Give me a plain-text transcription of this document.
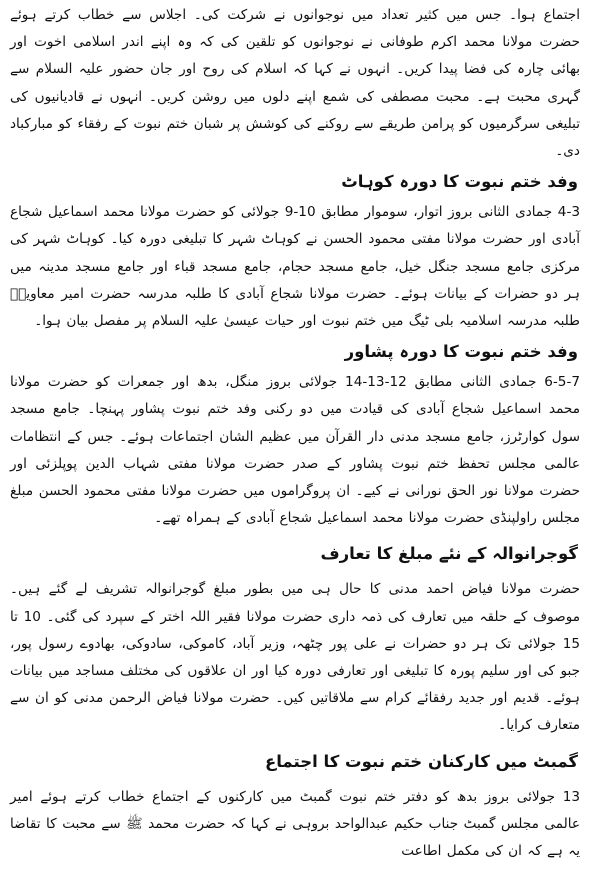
اجتماع ہوا۔ جس میں کثیر تعداد میں نوجوانوں نے شرکت کی۔ اجلاس سے خطاب کرتے ہوئے حضرت مولانا محمد اکرم طوفانی نے نوجوانوں کو تلقین کی کہ وہ اپنے اندر اسلامی اخوت اور بھائی چارہ کی فضا پیدا کریں۔ انہوں نے کہا کہ اسلام کی روح اور جان حضور علیہ السلام سے گہری محبت ہے۔ محبت مصطفی کی شمع اپنے دلوں میں روشن کریں۔ انہوں نے قادیانیوں کی تبلیغی سرگرمیوں کو پرامن طریقے سے روکنے کی کوشش پر شبان ختم نبوت کے رفقاء کو مبارکباد دی۔

وفد ختم نبوت کا دورہ کوہاٹ

4-3 جمادی الثانی بروز اتوار، سوموار مطابق 10-9 جولائی کو حضرت مولانا محمد اسماعیل شجاع آبادی اور حضرت مولانا مفتی محمود الحسن نے کوہاٹ شہر کا تبلیغی دورہ کیا۔ کوہاٹ شہر کی مرکزی جامع مسجد جنگل خیل، جامع مسجد حجام، جامع مسجد قباء اور جامع مسجد مدینہ میں ہر دو حضرات کے بیانات ہوئے۔ حضرت مولانا شجاع آبادی کا طلبہ مدرسہ حضرت امیر معاویہؓ طلبہ مدرسہ اسلامیہ بلی ٹیگ میں ختم نبوت اور حیات عیسیٰ علیہ السلام پر مفصل بیان ہوا۔

وفد ختم نبوت کا دورہ پشاور

6-5-7 جمادی الثانی مطابق 12-13-14 جولائی بروز منگل، بدھ اور جمعرات کو حضرت مولانا محمد اسماعیل شجاع آبادی کی قیادت میں دو رکنی وفد ختم نبوت پشاور پہنچا۔ جامع مسجد سول کوارٹرز، جامع مسجد مدنی دار القرآن میں عظیم الشان اجتماعات ہوئے۔ جس کے انتظامات عالمی مجلس تحفظ ختم نبوت پشاور کے صدر حضرت مولانا مفتی شہاب الدین پوپلزئی اور حضرت مولانا نور الحق نورانی نے کیے۔ ان پروگراموں میں حضرت مولانا مفتی محمود الحسن مبلغ مجلس راولپنڈی حضرت مولانا محمد اسماعیل شجاع آبادی کے ہمراہ تھے۔

گوجرانوالہ کے نئے مبلغ کا تعارف

حضرت مولانا فیاض احمد مدنی کا حال ہی میں بطور مبلغ گوجرانوالہ تشریف لے گئے ہیں۔ موصوف کے حلقہ میں تعارف کی ذمہ داری حضرت مولانا فقیر اللہ اختر کے سپرد کی گئی۔ 10 تا 15 جولائی تک ہر دو حضرات نے علی پور چٹھہ، وزیر آباد، کاموکی، سادوکی، بھادوے رسول پور، جبو کی اور سلیم پورہ کا تبلیغی اور تعارفی دورہ کیا اور ان علاقوں کی مختلف مساجد میں بیانات ہوئے۔ قدیم اور جدید رفقائے کرام سے ملاقاتیں کیں۔ حضرت مولانا فیاض الرحمن مدنی کو ان سے متعارف کرایا۔

گمبٹ میں کارکنان ختم نبوت کا اجتماع

13 جولائی بروز بدھ کو دفتر ختم نبوت گمبٹ میں کارکنوں کے اجتماع خطاب کرتے ہوئے امیر عالمی مجلس گمبٹ جناب حکیم عبدالواحد بروہی نے کہا کہ حضرت محمد ﷺ سے محبت کا تقاضا یہ ہے کہ ان کی مکمل اطاعت
